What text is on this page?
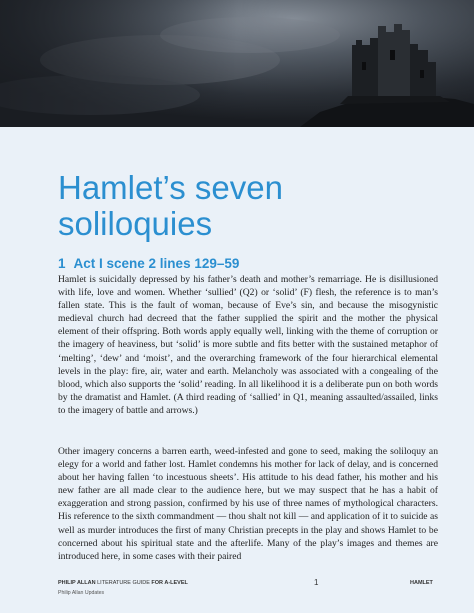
Hamlet’s seven soliloquies
1 Act I scene 2 lines 129–59

Hamlet is suicidally depressed by his father’s death and mother’s remarriage. He is disillusioned with life, love and women. Whether ‘sullied’ (Q2) or ‘solid’ (F) flesh, the reference is to man’s fallen state. This is the fault of woman, because of Eve’s sin, and because the misogynistic medieval church had decreed that the father supplied the spirit and the mother the physical element of their offspring. Both words apply equally well, linking with the theme of corruption or the imagery of heaviness, but ‘solid’ is more subtle and fits better with the sustained metaphor of ‘melting’, ‘dew’ and ‘moist’, and the overarching framework of the four hierarchical elemental levels in the play: fire, air, water and earth. Melancholy was associated with a congealing of the blood, which also supports the ‘solid’ reading. In all likelihood it is a deliberate pun on both words by the dramatist and Hamlet. (A third reading of ‘sallied’ in Q1, meaning assaulted/assailed, links to the imagery of battle and arrows.)

Other imagery concerns a barren earth, weed-infested and gone to seed, making the soliloquy an elegy for a world and father lost. Hamlet condemns his mother for lack of delay, and is concerned about her having fallen ‘to incestuous sheets’. His attitude to his dead father, his mother and his new father are all made clear to the audience here, but we may suspect that he has a habit of exaggeration and strong passion, confirmed by his use of three names of mythological characters. His reference to the sixth commandment — thou shalt not kill — and application of it to suicide as well as murder introduces the first of many Christian precepts in the play and shows Hamlet to be concerned about his spiritual state and the afterlife. Many of the play’s images and themes are introduced here, in some cases with their paired

PHILIP ALLAN LITERATURE GUIDE FOR A-LEVEL
Philip Allan Updates
1	HAMLET
